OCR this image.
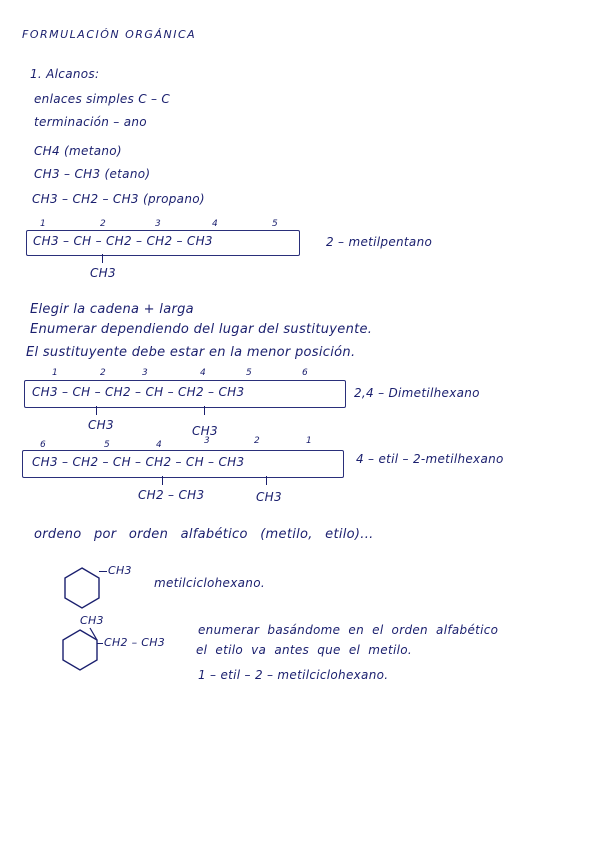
FORMULACIÓN ORGÁNICA
1. Alcanos:
enlaces simples C – C
terminación – ano
CH4 (metano)
CH3 – CH3 (etano)
CH3 – CH2 – CH3 (propano)
1	2	3	4	5
CH3 – CH – CH2 – CH2 – CH3
CH3
2 – metilpentano
Elegir la cadena + larga
Enumerar dependiendo del lugar del sustituyente.
El sustituyente debe estar en la menor posición.
1	2	3	4	5	6
CH3 – CH – CH2 – CH – CH2 – CH3
CH3	CH3
2,4 – Dimetilhexano
6	5	4	3	2	1
CH3 – CH2 – CH – CH2 – CH – CH3
CH2 – CH3	CH3
4 – etil – 2-metilhexano
ordeno por orden alfabético (metilo, etilo)...
CH3
metilciclohexano.
CH3
CH2 – CH3
enumerar basándome en el orden alfabético
el etilo va antes que el metilo.
1 – etil – 2 – metilciclohexano.
